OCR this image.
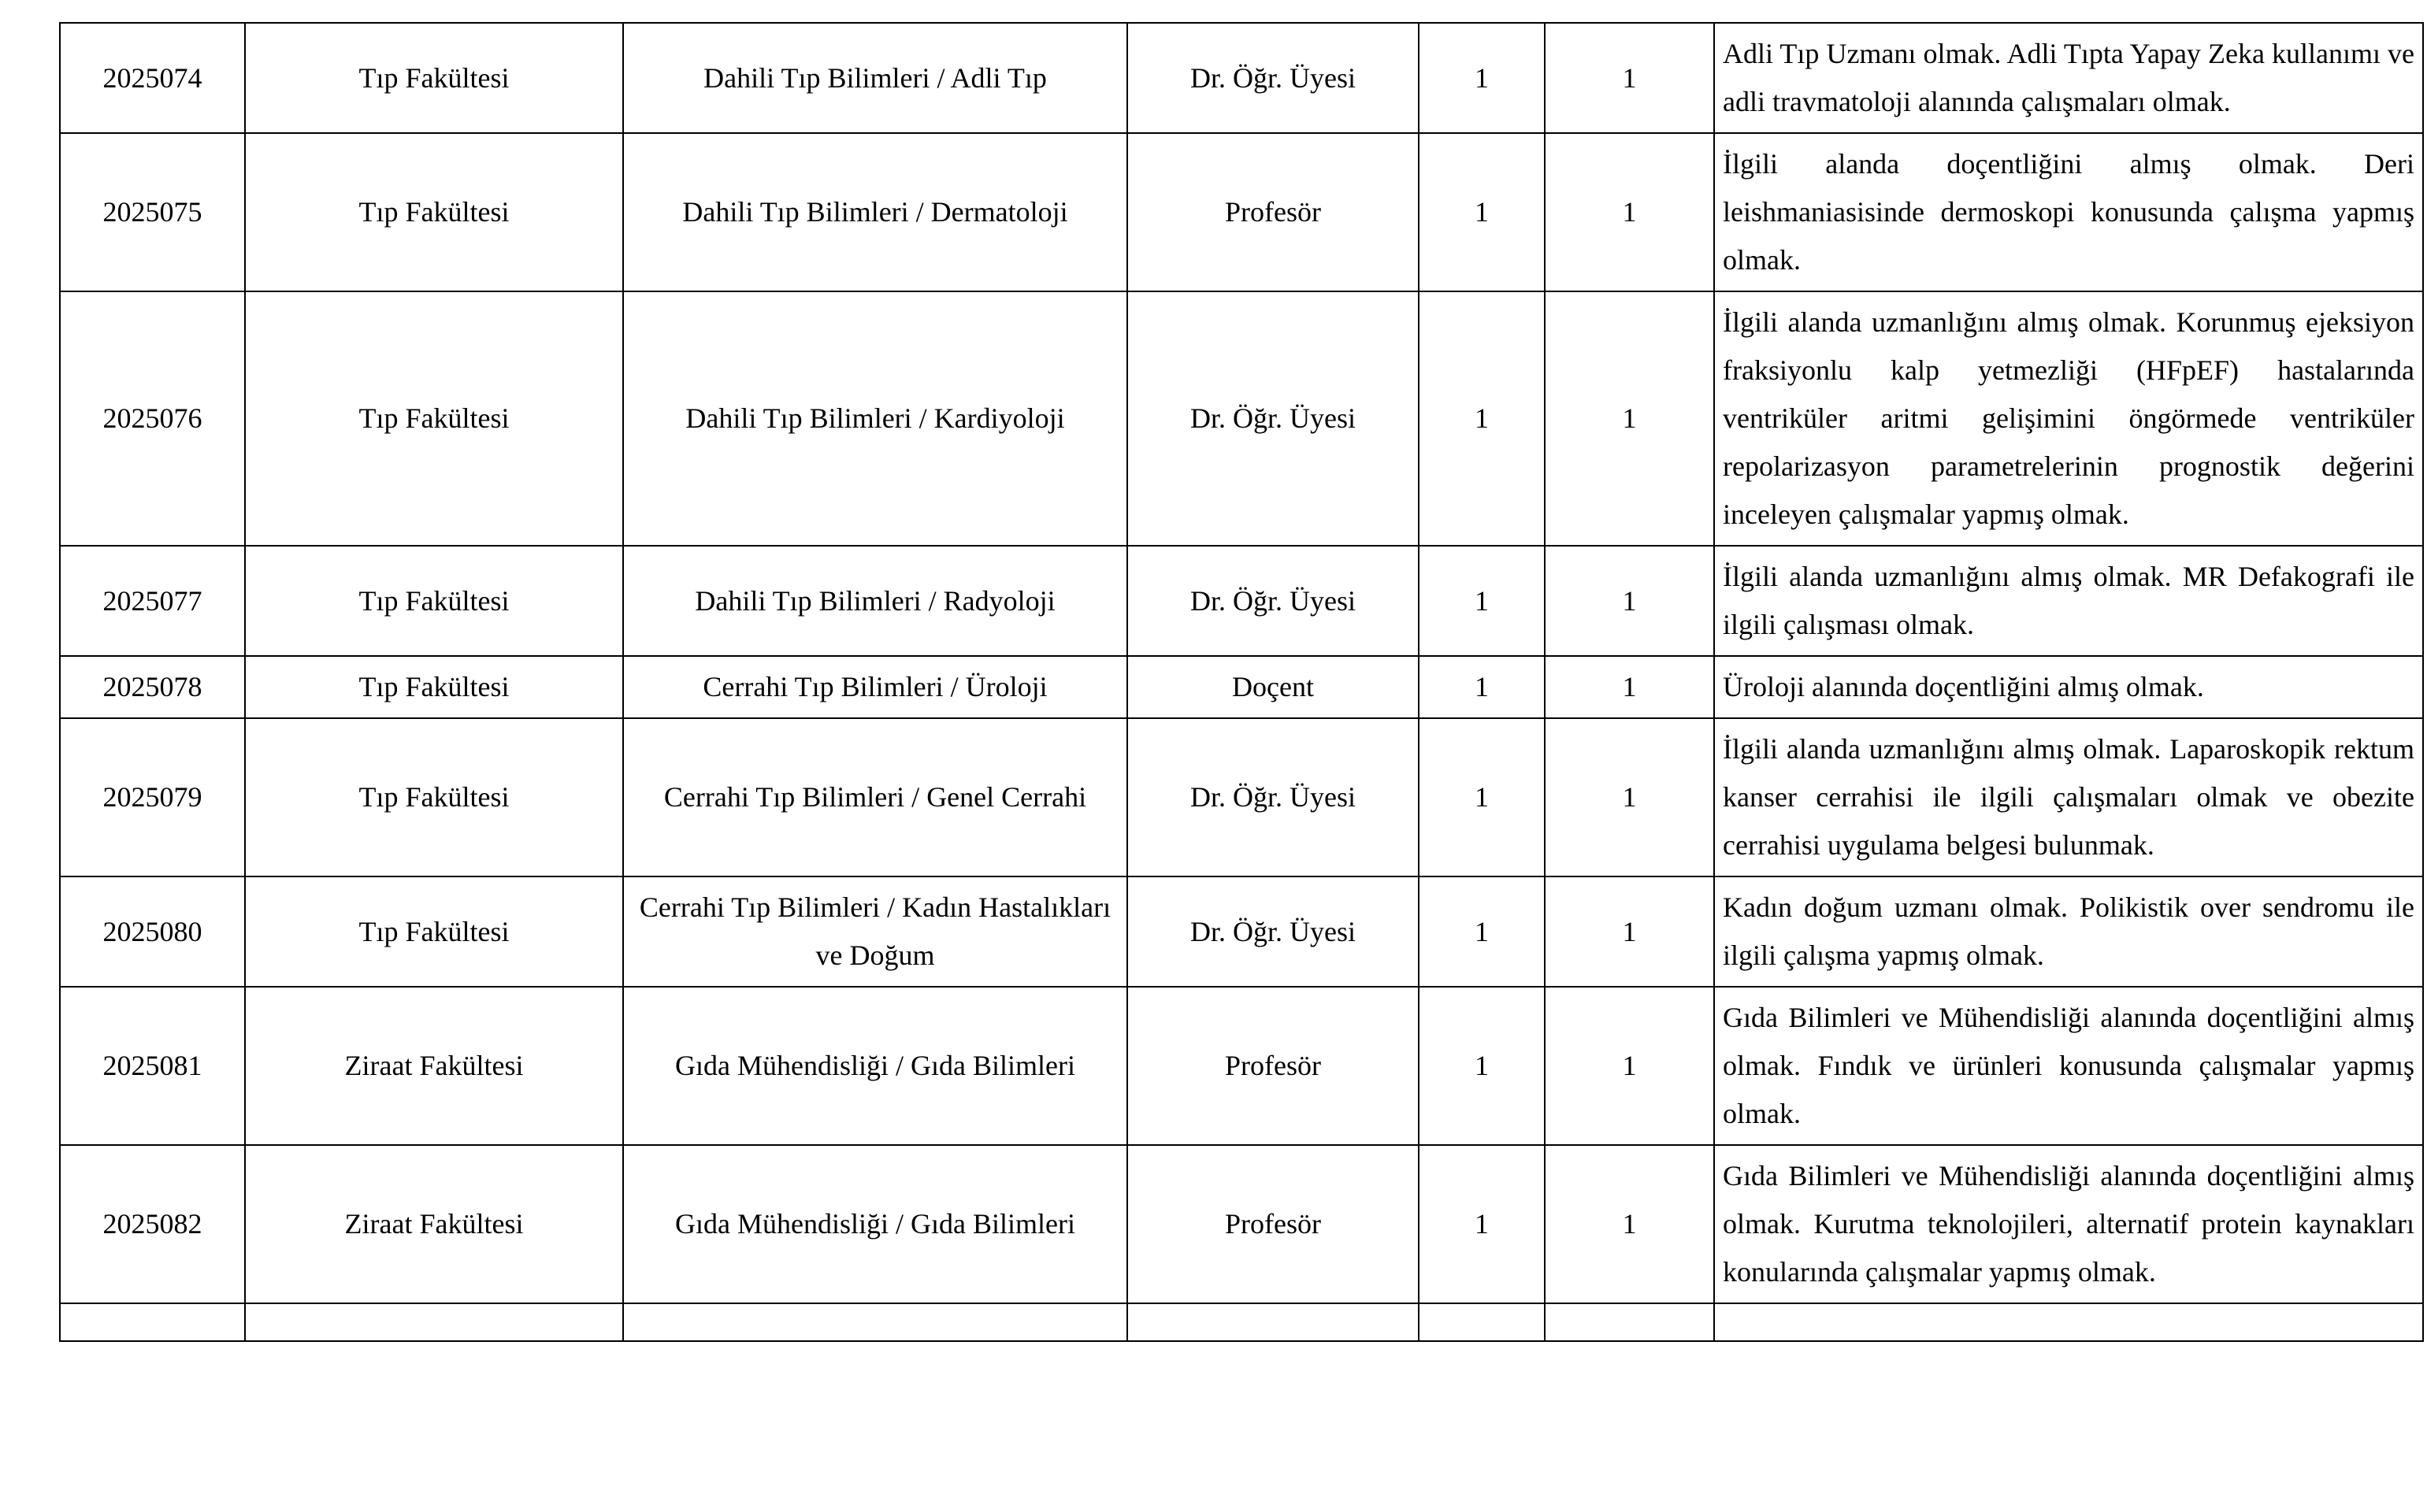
2025074	Tıp Fakültesi	Dahili Tıp Bilimleri / Adli Tıp	Dr. Öğr. Üyesi	1	1	Adli Tıp Uzmanı olmak. Adli Tıpta Yapay Zeka kullanımı ve adli travmatoloji alanında çalışmaları olmak.
2025075	Tıp Fakültesi	Dahili Tıp Bilimleri / Dermatoloji	Profesör	1	1	İlgili alanda doçentliğini almış olmak. Deri leishmaniasisinde dermoskopi konusunda çalışma yapmış olmak.
2025076	Tıp Fakültesi	Dahili Tıp Bilimleri / Kardiyoloji	Dr. Öğr. Üyesi	1	1	İlgili alanda uzmanlığını almış olmak. Korunmuş ejeksiyon fraksiyonlu kalp yetmezliği (HFpEF) hastalarında ventriküler aritmi gelişimini öngörmede ventriküler repolarizasyon parametrelerinin prognostik değerini inceleyen çalışmalar yapmış olmak.
2025077	Tıp Fakültesi	Dahili Tıp Bilimleri / Radyoloji	Dr. Öğr. Üyesi	1	1	İlgili alanda uzmanlığını almış olmak. MR Defakografi ile ilgili çalışması olmak.
2025078	Tıp Fakültesi	Cerrahi Tıp Bilimleri / Üroloji	Doçent	1	1	Üroloji alanında doçentliğini almış olmak.
2025079	Tıp Fakültesi	Cerrahi Tıp Bilimleri / Genel Cerrahi	Dr. Öğr. Üyesi	1	1	İlgili alanda uzmanlığını almış olmak. Laparoskopik rektum kanser cerrahisi ile ilgili çalışmaları olmak ve obezite cerrahisi uygulama belgesi bulunmak.
2025080	Tıp Fakültesi	Cerrahi Tıp Bilimleri / Kadın Hastalıkları ve Doğum	Dr. Öğr. Üyesi	1	1	Kadın doğum uzmanı olmak. Polikistik over sendromu ile ilgili çalışma yapmış olmak.
2025081	Ziraat Fakültesi	Gıda Mühendisliği / Gıda Bilimleri	Profesör	1	1	Gıda Bilimleri ve Mühendisliği alanında doçentliğini almış olmak. Fındık ve ürünleri konusunda çalışmalar yapmış olmak.
2025082	Ziraat Fakültesi	Gıda Mühendisliği / Gıda Bilimleri	Profesör	1	1	Gıda Bilimleri ve Mühendisliği alanında doçentliğini almış olmak. Kurutma teknolojileri, alternatif protein kaynakları konularında çalışmalar yapmış olmak.
